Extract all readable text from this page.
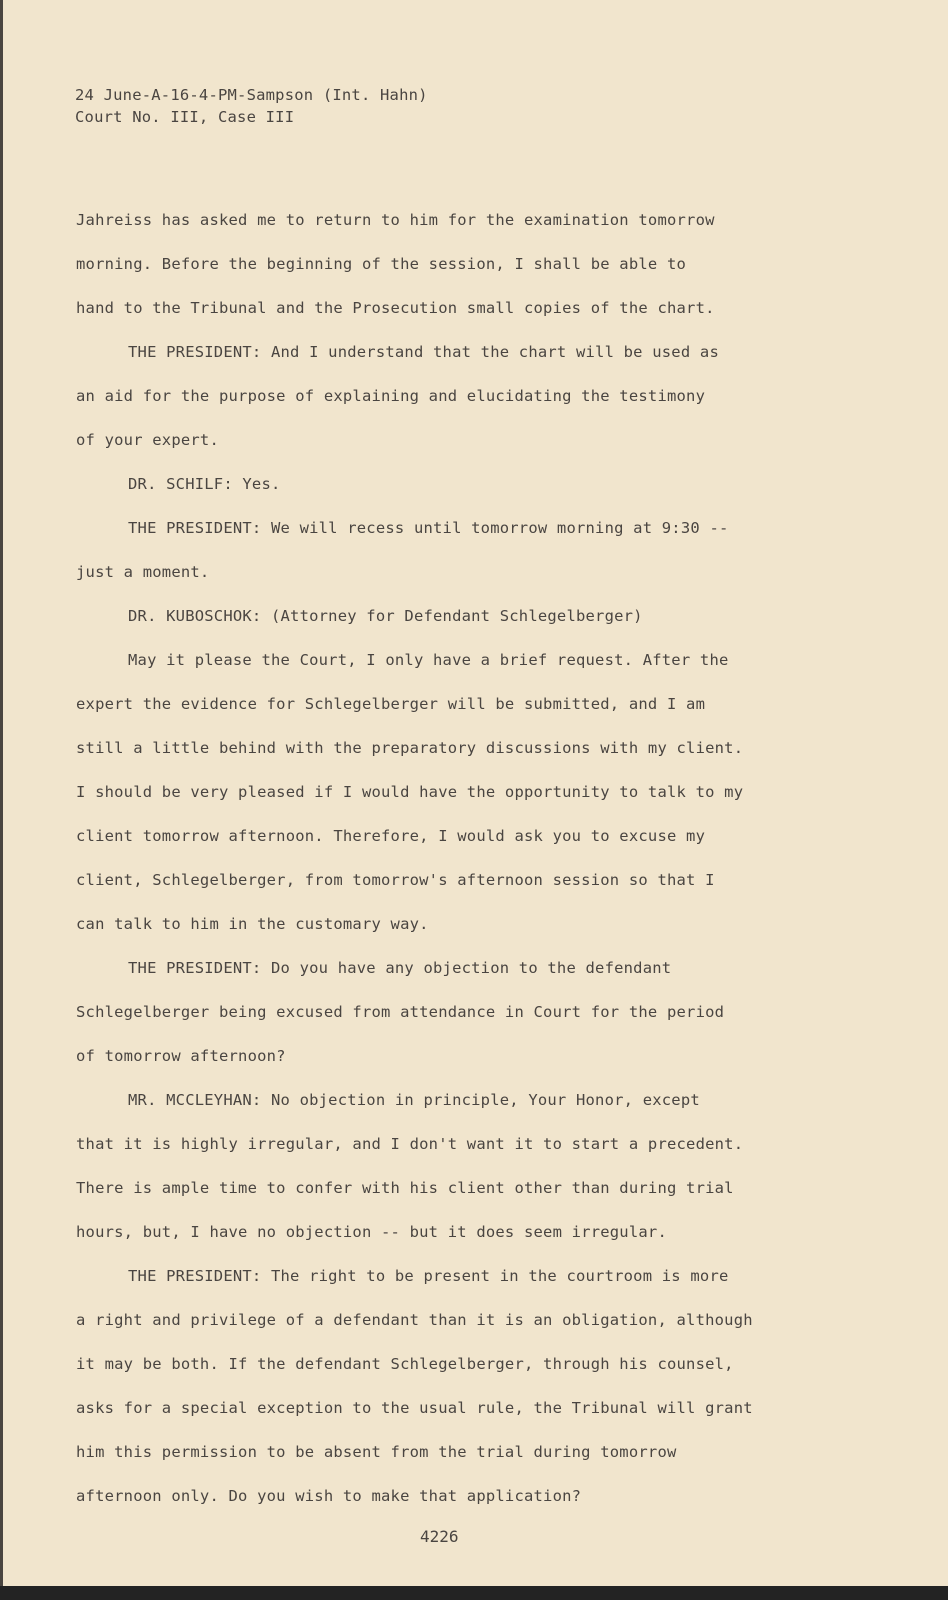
24 June-A-16-4-PM-Sampson (Int. Hahn)
Court No. III, Case III
Jahreiss has asked me to return to him for the examination tomorrow
morning. Before the beginning of the session, I shall be able to
hand to the Tribunal and the Prosecution small copies of the chart.
THE PRESIDENT: And I understand that the chart will be used as
an aid for the purpose of explaining and elucidating the testimony
of your expert.
DR. SCHILF: Yes.
THE PRESIDENT: We will recess until tomorrow morning at 9:30 --
just a moment.
DR. KUBOSCHOK: (Attorney for Defendant Schlegelberger)
May it please the Court, I only have a brief request. After the
expert the evidence for Schlegelberger will be submitted, and I am
still a little behind with the preparatory discussions with my client.
I should be very pleased if I would have the opportunity to talk to my
client tomorrow afternoon. Therefore, I would ask you to excuse my
client, Schlegelberger, from tomorrow's afternoon session so that I
can talk to him in the customary way.
THE PRESIDENT: Do you have any objection to the defendant
Schlegelberger being excused from attendance in Court for the period
of tomorrow afternoon?
MR. MCCLEYHAN: No objection in principle, Your Honor, except
that it is highly irregular, and I don't want it to start a precedent.
There is ample time to confer with his client other than during trial
hours, but, I have no objection -- but it does seem irregular.
THE PRESIDENT: The right to be present in the courtroom is more
a right and privilege of a defendant than it is an obligation, although
it may be both. If the defendant Schlegelberger, through his counsel,
asks for a special exception to the usual rule, the Tribunal will grant
him this permission to be absent from the trial during tomorrow
afternoon only. Do you wish to make that application?
4226
